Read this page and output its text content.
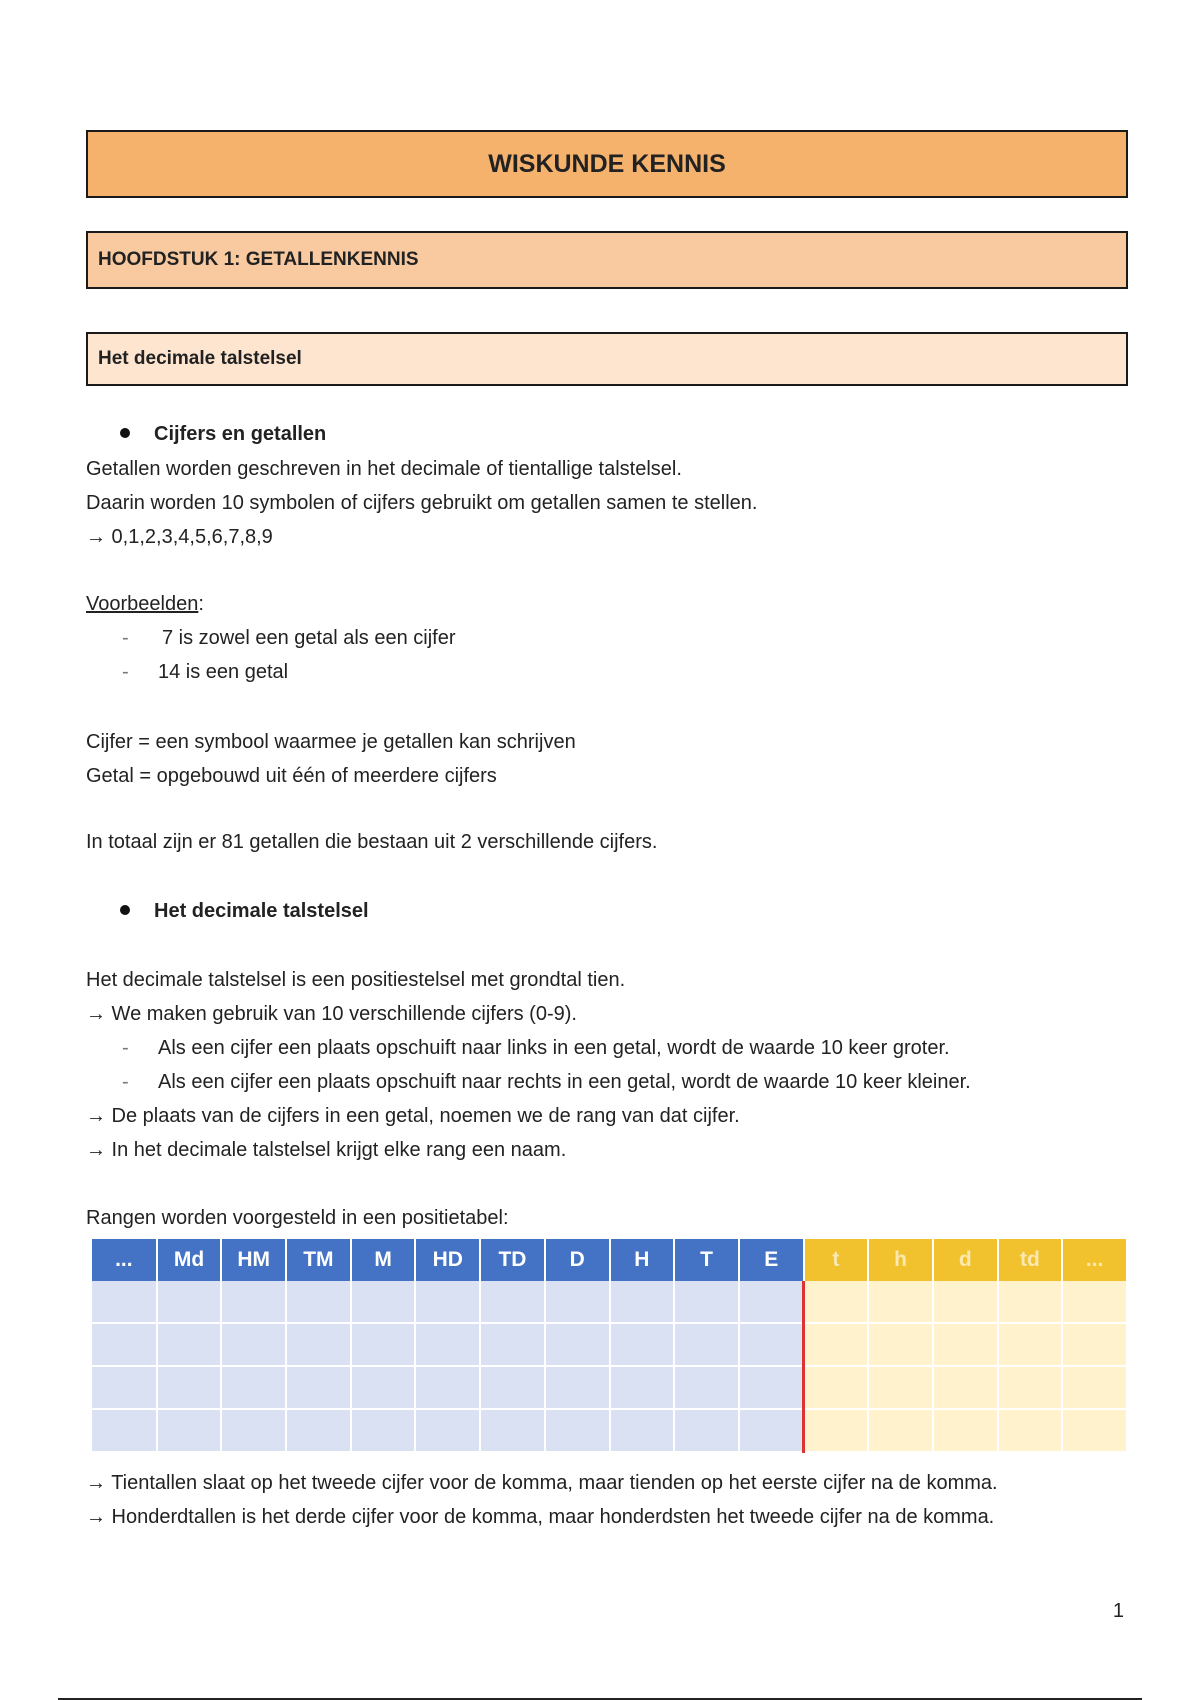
WISKUNDE KENNIS
HOOFDSTUK 1: GETALLENKENNIS
Het decimale talstelsel
Cijfers en getallen
Getallen worden geschreven in het decimale of tientallige talstelsel.
Daarin worden 10 symbolen of cijfers gebruikt om getallen samen te stellen.
→ 0,1,2,3,4,5,6,7,8,9
Voorbeelden:
- 7 is zowel een getal als een cijfer
- 14 is een getal
Cijfer = een symbool waarmee je getallen kan schrijven
Getal = opgebouwd uit één of meerdere cijfers
In totaal zijn er 81 getallen die bestaan uit 2 verschillende cijfers.
Het decimale talstelsel
Het decimale talstelsel is een positiestelsel met grondtal tien.
→ We maken gebruik van 10 verschillende cijfers (0-9).
- Als een cijfer een plaats opschuift naar links in een getal, wordt de waarde 10 keer groter.
- Als een cijfer een plaats opschuift naar rechts in een getal, wordt de waarde 10 keer kleiner.
→ De plaats van de cijfers in een getal, noemen we de rang van dat cijfer.
→ In het decimale talstelsel krijgt elke rang een naam.
Rangen worden voorgesteld in een positietabel:
...	Md	HM	TM	M	HD	TD	D	H	T	E	t	h	d	td	...

→ Tientallen slaat op het tweede cijfer voor de komma, maar tienden op het eerste cijfer na de komma.
→ Honderdtallen is het derde cijfer voor de komma, maar honderdsten het tweede cijfer na de komma.
1
